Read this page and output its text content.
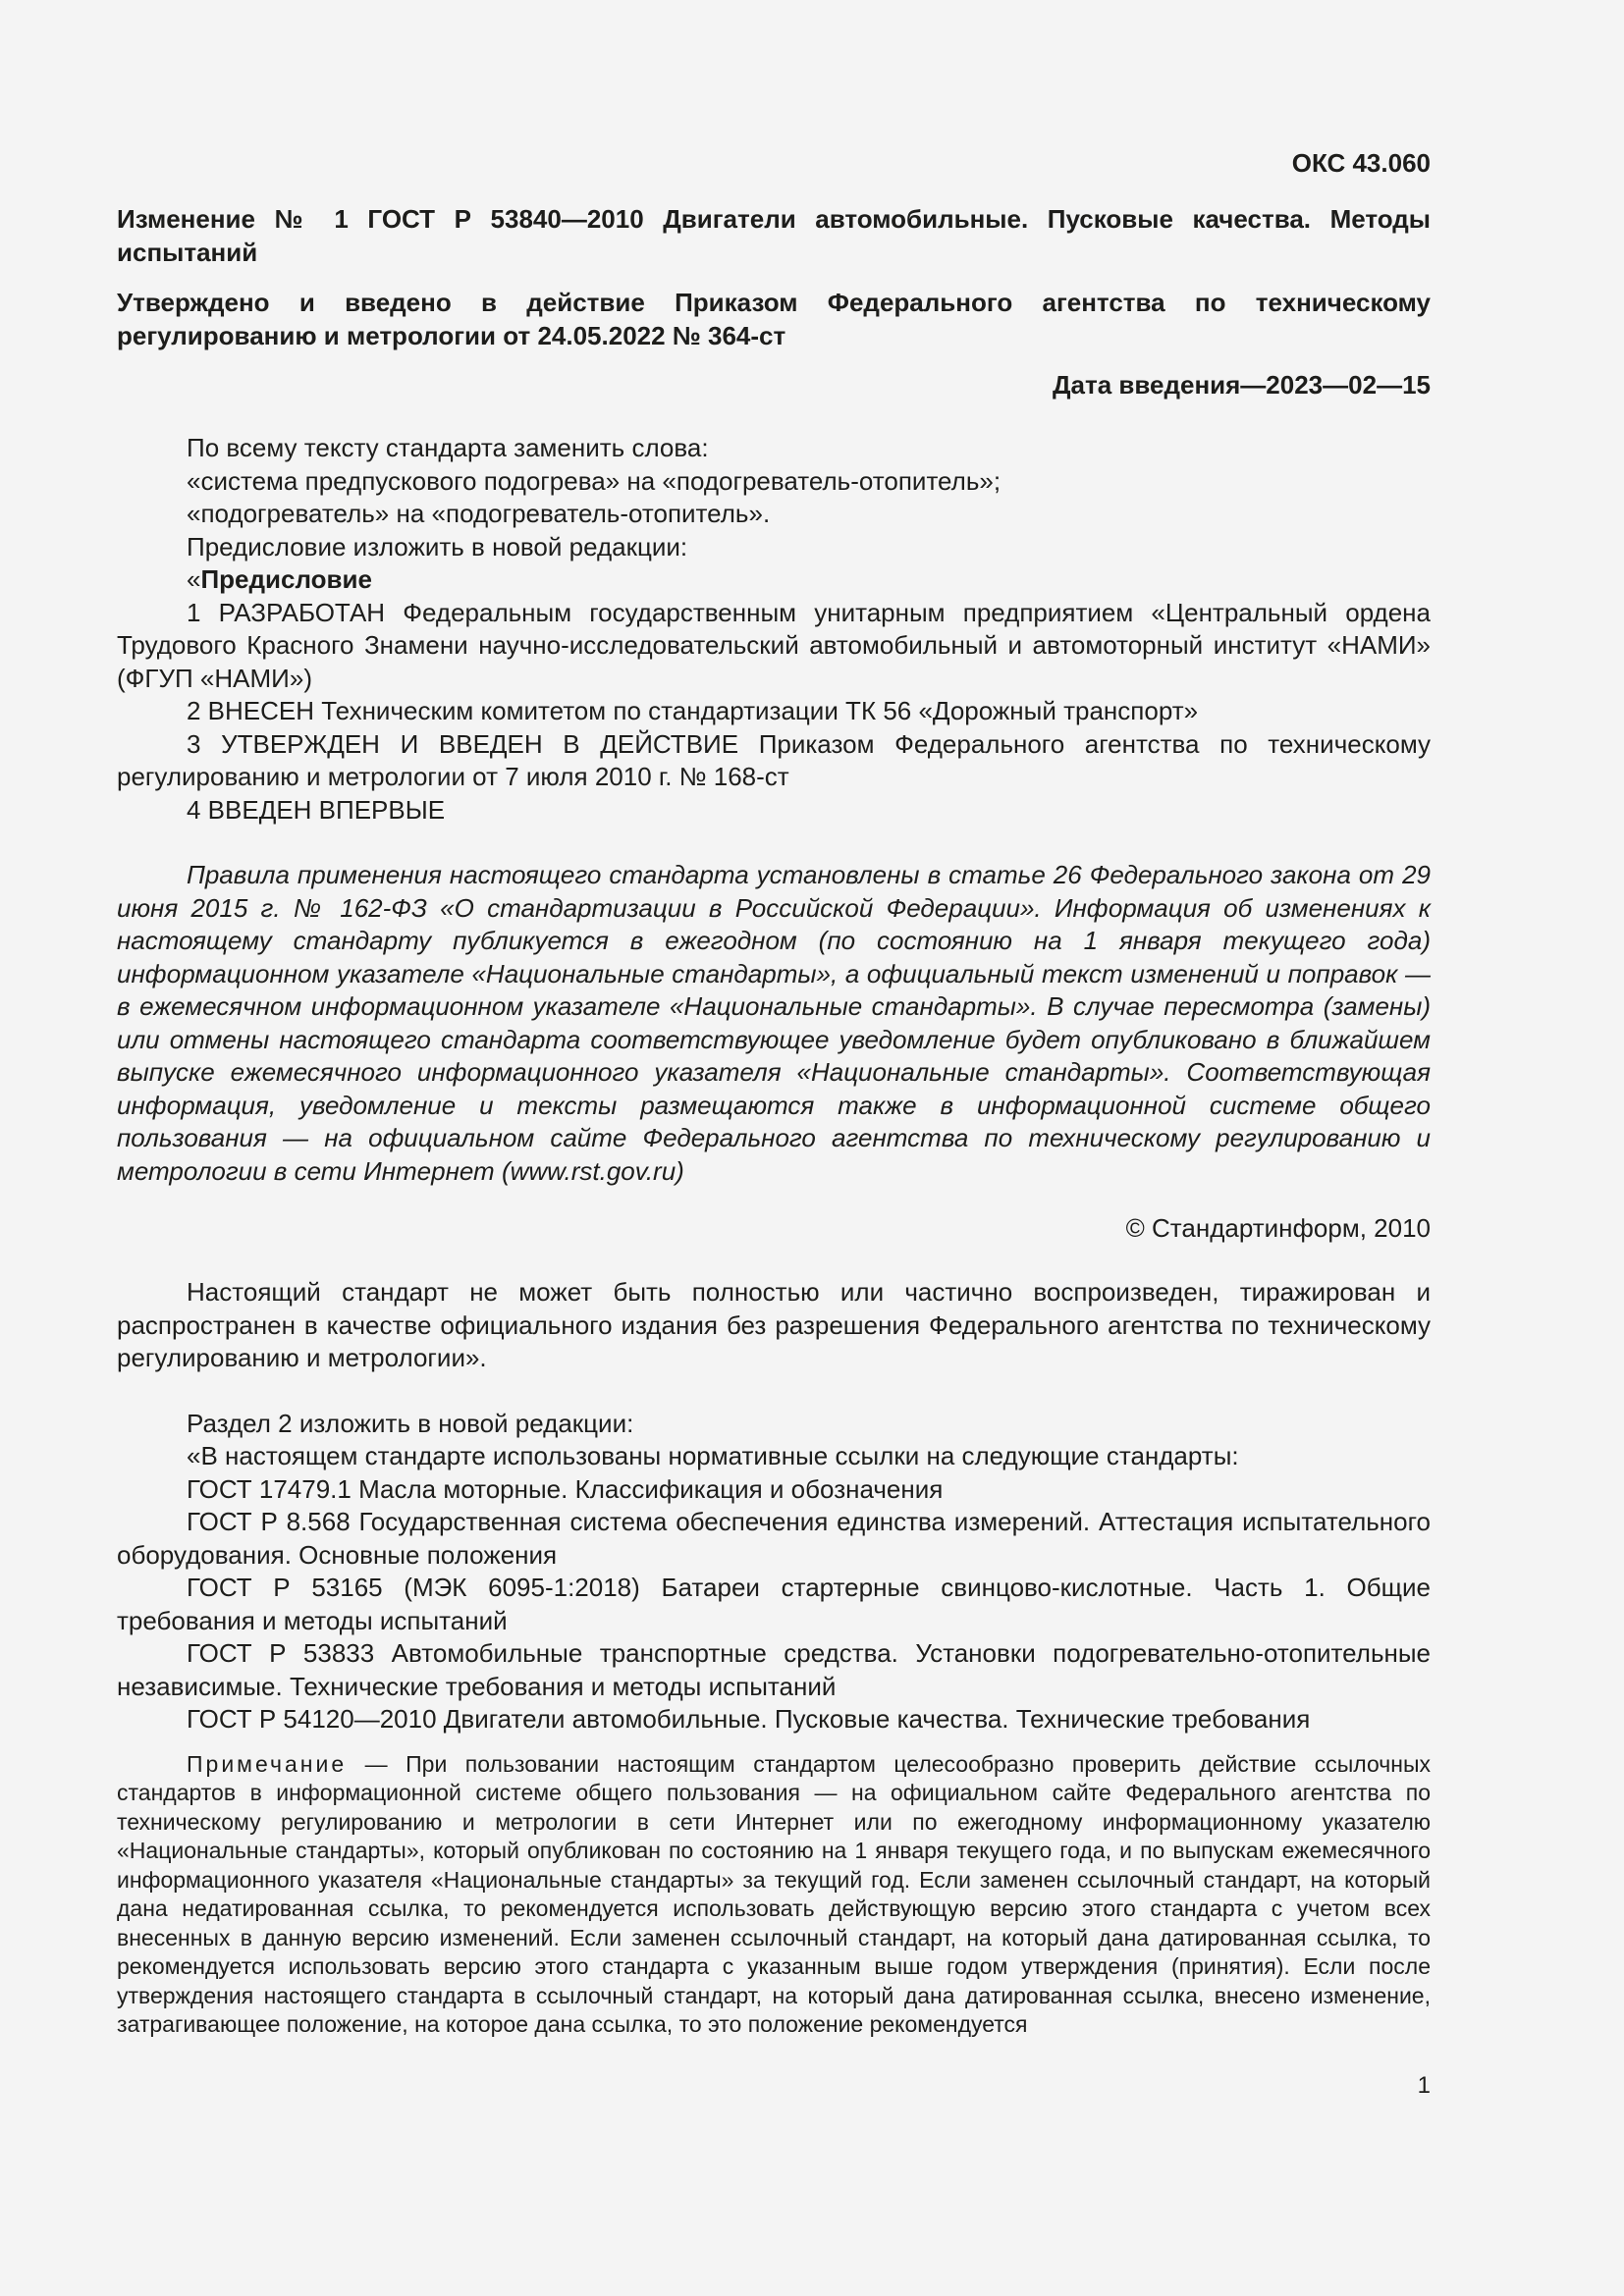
ОКС 43.060
Изменение № 1 ГОСТ Р 53840—2010 Двигатели автомобильные. Пусковые качества. Методы испытаний
Утверждено и введено в действие Приказом Федерального агентства по техническому регулированию и метрологии от 24.05.2022 № 364-ст
Дата введения—2023—02—15

По всему тексту стандарта заменить слова:

«система предпускового подогрева» на «подогреватель-отопитель»;

«подогреватель» на «подогреватель-отопитель».

Предисловие изложить в новой редакции:

«Предисловие

1 РАЗРАБОТАН Федеральным государственным унитарным предприятием «Центральный ордена Трудового Красного Знамени научно-исследовательский автомобильный и автомоторный институт «НАМИ» (ФГУП «НАМИ»)

2 ВНЕСЕН Техническим комитетом по стандартизации ТК 56 «Дорожный транспорт»

3 УТВЕРЖДЕН И ВВЕДЕН В ДЕЙСТВИЕ Приказом Федерального агентства по техническому регулированию и метрологии от 7 июля 2010 г. № 168-ст

4 ВВЕДЕН ВПЕРВЫЕ

Правила применения настоящего стандарта установлены в статье 26 Федерального закона от 29 июня 2015 г. № 162-ФЗ «О стандартизации в Российской Федерации». Информация об изменениях к настоящему стандарту публикуется в ежегодном (по состоянию на 1 января текущего года) информационном указателе «Национальные стандарты», а официальный текст изменений и поправок — в ежемесячном информационном указателе «Национальные стандарты». В случае пересмотра (замены) или отмены настоящего стандарта соответствующее уведомление будет опубликовано в ближайшем выпуске ежемесячного информационного указателя «Национальные стандарты». Соответствующая информация, уведомление и тексты размещаются также в информационной системе общего пользования — на официальном сайте Федерального агентства по техническому регулированию и метрологии в сети Интернет (www.rst.gov.ru)

© Стандартинформ, 2010

Настоящий стандарт не может быть полностью или частично воспроизведен, тиражирован и распространен в качестве официального издания без разрешения Федерального агентства по техническому регулированию и метрологии».

Раздел 2 изложить в новой редакции:

«В настоящем стандарте использованы нормативные ссылки на следующие стандарты:

ГОСТ 17479.1 Масла моторные. Классификация и обозначения

ГОСТ Р 8.568 Государственная система обеспечения единства измерений. Аттестация испытательного оборудования. Основные положения

ГОСТ Р 53165 (МЭК 6095-1:2018) Батареи стартерные свинцово-кислотные. Часть 1. Общие требования и методы испытаний

ГОСТ Р 53833 Автомобильные транспортные средства. Установки подогревательно-отопительные независимые. Технические требования и методы испытаний

ГОСТ Р 54120—2010 Двигатели автомобильные. Пусковые качества. Технические требования

Примечание — При пользовании настоящим стандартом целесообразно проверить действие ссылочных стандартов в информационной системе общего пользования — на официальном сайте Федерального агентства по техническому регулированию и метрологии в сети Интернет или по ежегодному информационному указателю «Национальные стандарты», который опубликован по состоянию на 1 января текущего года, и по выпускам ежемесячного информационного указателя «Национальные стандарты» за текущий год. Если заменен ссылочный стандарт, на который дана недатированная ссылка, то рекомендуется использовать действующую версию этого стандарта с учетом всех внесенных в данную версию изменений. Если заменен ссылочный стандарт, на который дана датированная ссылка, то рекомендуется использовать версию этого стандарта с указанным выше годом утверждения (принятия). Если после утверждения настоящего стандарта в ссылочный стандарт, на который дана датированная ссылка, внесено изменение, затрагивающее положение, на которое дана ссылка, то это положение рекомендуется

1
